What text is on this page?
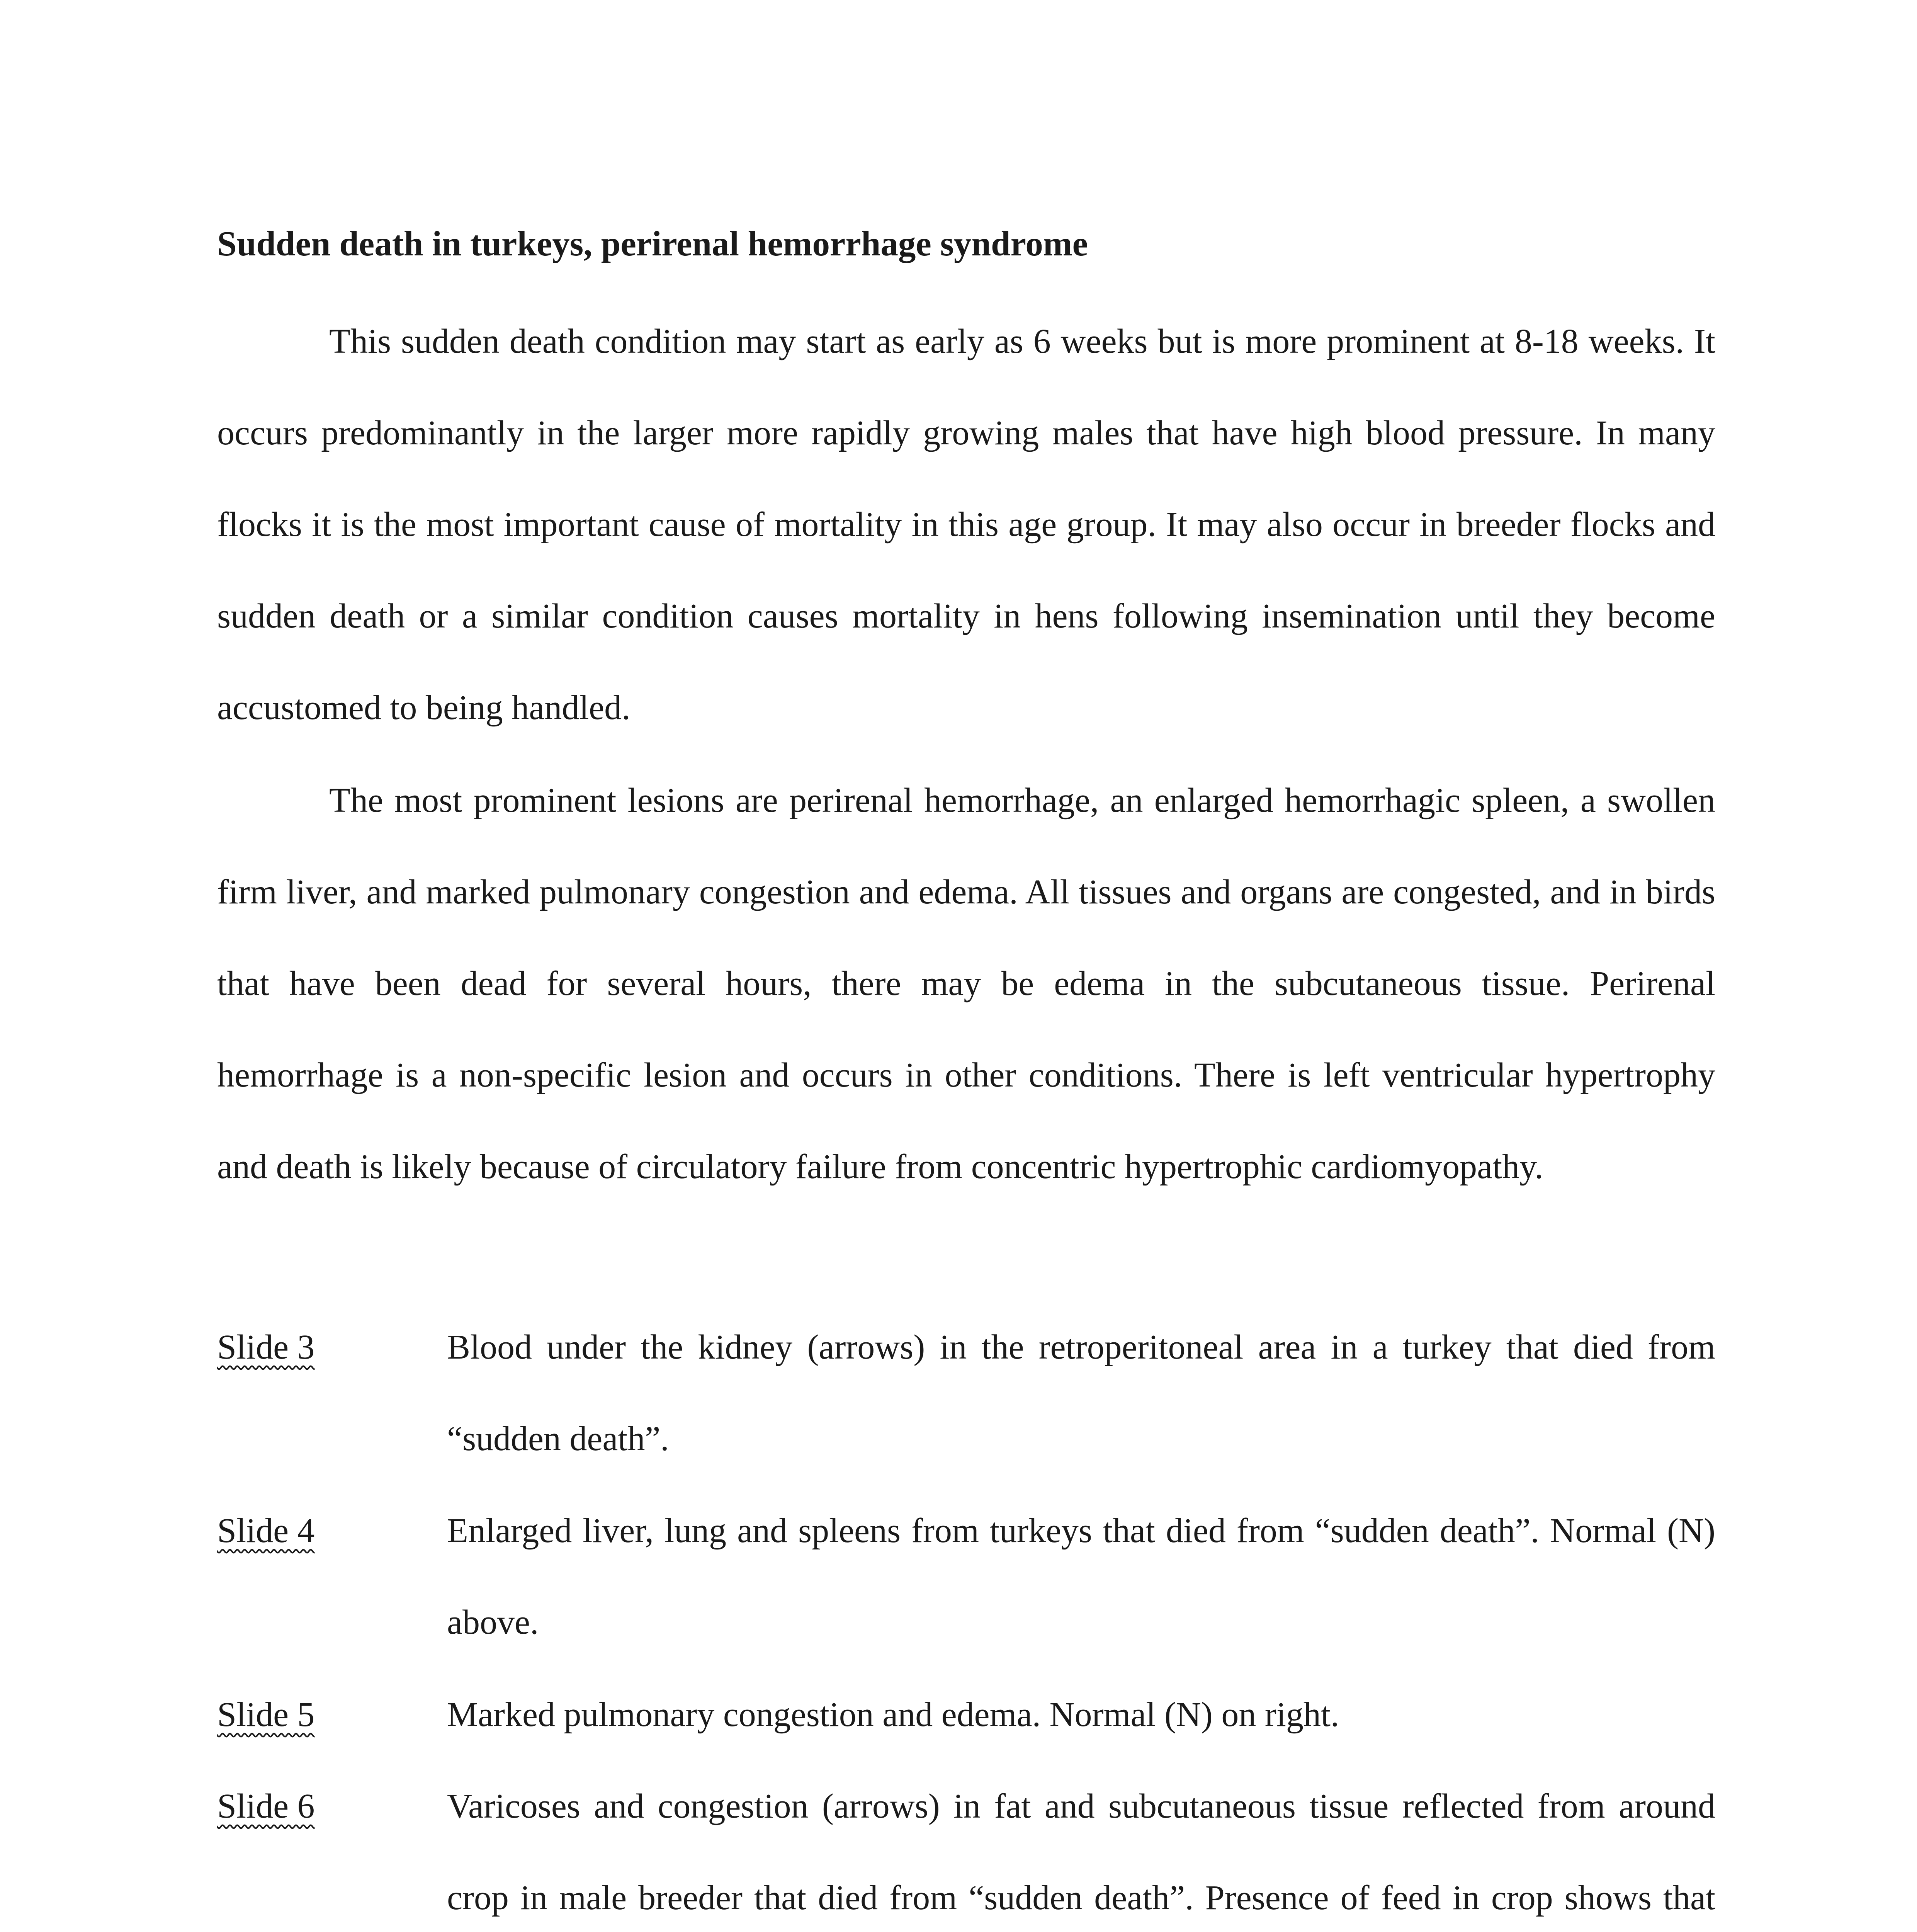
Sudden death in turkeys, perirenal hemorrhage syndrome

This sudden death condition may start as early as 6 weeks but is more prominent at 8-18 weeks. It occurs predominantly in the larger more rapidly growing males that have high blood pressure. In many flocks it is the most important cause of mortality in this age group. It may also occur in breeder flocks and sudden death or a similar condition causes mortality in hens following insemination until they become accustomed to being handled.

The most prominent lesions are perirenal hemorrhage, an enlarged hemorrhagic spleen, a swollen firm liver, and marked pulmonary congestion and edema. All tissues and organs are congested, and in birds that have been dead for several hours, there may be edema in the subcutaneous tissue. Perirenal hemorrhage is a non-specific lesion and occurs in other conditions. There is left ventricular hypertrophy and death is likely because of circulatory failure from concentric hypertrophic cardiomyopathy.

Slide 3	Blood under the kidney (arrows) in the retroperitoneal area in a turkey that died from “sudden death”.

Slide 4	Enlarged liver, lung and spleens from turkeys that died from “sudden death”. Normal (N) above.

Slide 5	Marked pulmonary congestion and edema. Normal (N) on right.

Slide 6	Varicoses and congestion (arrows) in fat and subcutaneous tissue reflected from around crop in male breeder that died from “sudden death”. Presence of feed in crop shows that
